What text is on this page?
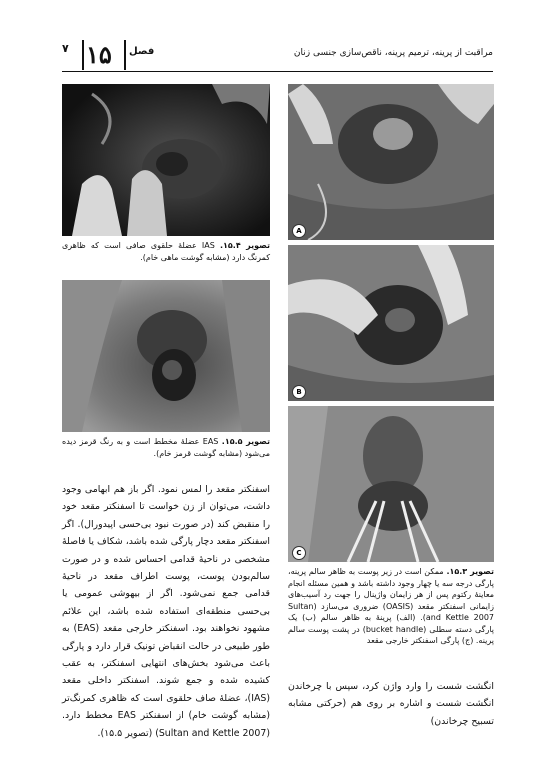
۷ ۱۵ فصل	مراقبت از پرینه، ترمیم پرینه، ناقص‌سازی جنسی زنان
A
B
C
تصویر ۱۵.۴. IAS عضلهٔ حلقوی صافی است که ظاهری کمرنگ دارد (مشابه گوشت ماهی خام).
تصویر ۱۵.۵. EAS عضلهٔ مخطط است و به رنگ قرمز دیده می‌شود (مشابه گوشت قرمز خام).
تصویر ۱۵.۳. ممکن است در زیر پوست به ظاهر سالم پرینه، پارگی درجه سه یا چهار وجود داشته باشد و همین مسئله انجام معاینهٔ رکتوم پس از هر زایمان واژینال را جهت رد آسیب‌های زایمانی اسفنکتر مقعد (OASIS) ضروری می‌سازد (Sultan and Kettle 2007). (الف) پرینهٔ به ظاهر سالم (ب) یک پارگی دسته سطلی (bucket handle) در پشت پوست سالم پرینه. (ج) پارگی اسفنکتر خارجی مقعد
اسفنکتر مقعد را لمس نمود. اگر باز هم ابهامی وجود داشت، می‌توان از زن خواست تا اسفنکتر مقعد خود را منقبض کند (در صورت نبود بی‌حسی اپیدورال). اگر اسفنکتر مقعد دچار پارگی شده باشد، شکاف یا فاصلهٔ مشخصی در ناحیهٔ قدامی احساس شده و در صورت سالم‌بودن پوست، پوست اطراف مقعد در ناحیهٔ قدامی جمع نمی‌شود. اگر از بیهوشی عمومی یا بی‌حسی منطقه‌ای استفاده شده باشد، این علائم مشهود نخواهند بود. اسفنکتر خارجی مقعد (EAS) به طور طبیعی در حالت انقباض تونیک قرار دارد و پارگی باعث می‌شود بخش‌های انتهایی اسفنکتر، به عقب کشیده شده و جمع شوند. اسفنکتر داخلی مقعد (IAS)، عضلهٔ صاف حلقوی است که ظاهری کمرنگ‌تر (مشابه گوشت خام) از اسفنکتر EAS مخطط دارد. (Sultan and Kettle 2007) (تصویر ۱۵.۵).
انگشت شست را وارد واژن کرد، سپس با چرخاندن انگشت شست و اشاره بر روی هم (حرکتی مشابه تسبیح چرخاندن)
